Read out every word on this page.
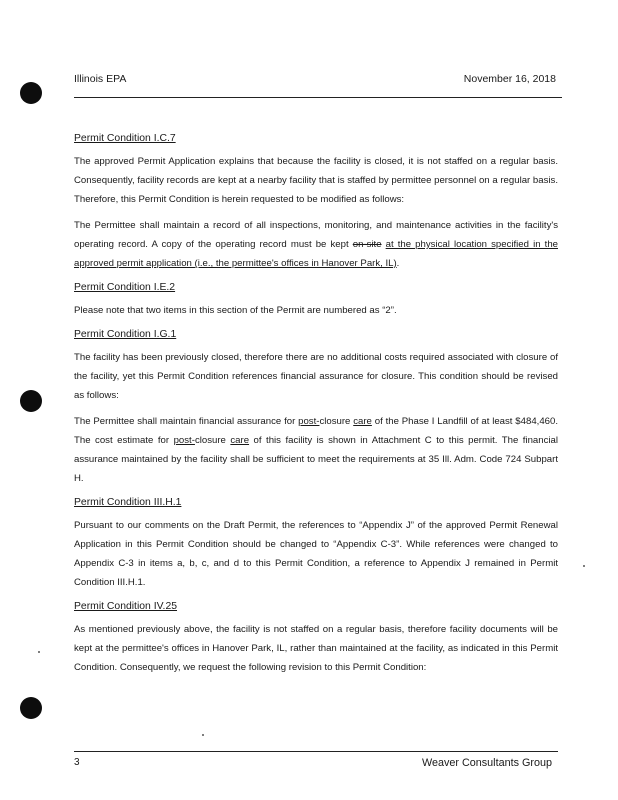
Illinois EPA	November 16, 2018
Permit Condition I.C.7

The approved Permit Application explains that because the facility is closed, it is not staffed on a regular basis. Consequently, facility records are kept at a nearby facility that is staffed by permittee personnel on a regular basis. Therefore, this Permit Condition is herein requested to be modified as follows:

The Permittee shall maintain a record of all inspections, monitoring, and maintenance activities in the facility's operating record. A copy of the operating record must be kept on-site at the physical location specified in the approved permit application (i.e., the permittee's offices in Hanover Park, IL).

Permit Condition I.E.2

Please note that two items in this section of the Permit are numbered as “2”.

Permit Condition I.G.1

The facility has been previously closed, therefore there are no additional costs required associated with closure of the facility, yet this Permit Condition references financial assurance for closure. This condition should be revised as follows:

The Permittee shall maintain financial assurance for post-closure care of the Phase I Landfill of at least $484,460. The cost estimate for post-closure care of this facility is shown in Attachment C to this permit. The financial assurance maintained by the facility shall be sufficient to meet the requirements at 35 Ill. Adm. Code 724 Subpart H.

Permit Condition III.H.1

Pursuant to our comments on the Draft Permit, the references to “Appendix J” of the approved Permit Renewal Application in this Permit Condition should be changed to “Appendix C-3”. While references were changed to Appendix C-3 in items a, b, c, and d to this Permit Condition, a reference to Appendix J remained in Permit Condition III.H.1.

Permit Condition IV.25

As mentioned previously above, the facility is not staffed on a regular basis, therefore facility documents will be kept at the permittee's offices in Hanover Park, IL, rather than maintained at the facility, as indicated in this Permit Condition. Consequently, we request the following revision to this Permit Condition:

3	Weaver Consultants Group
